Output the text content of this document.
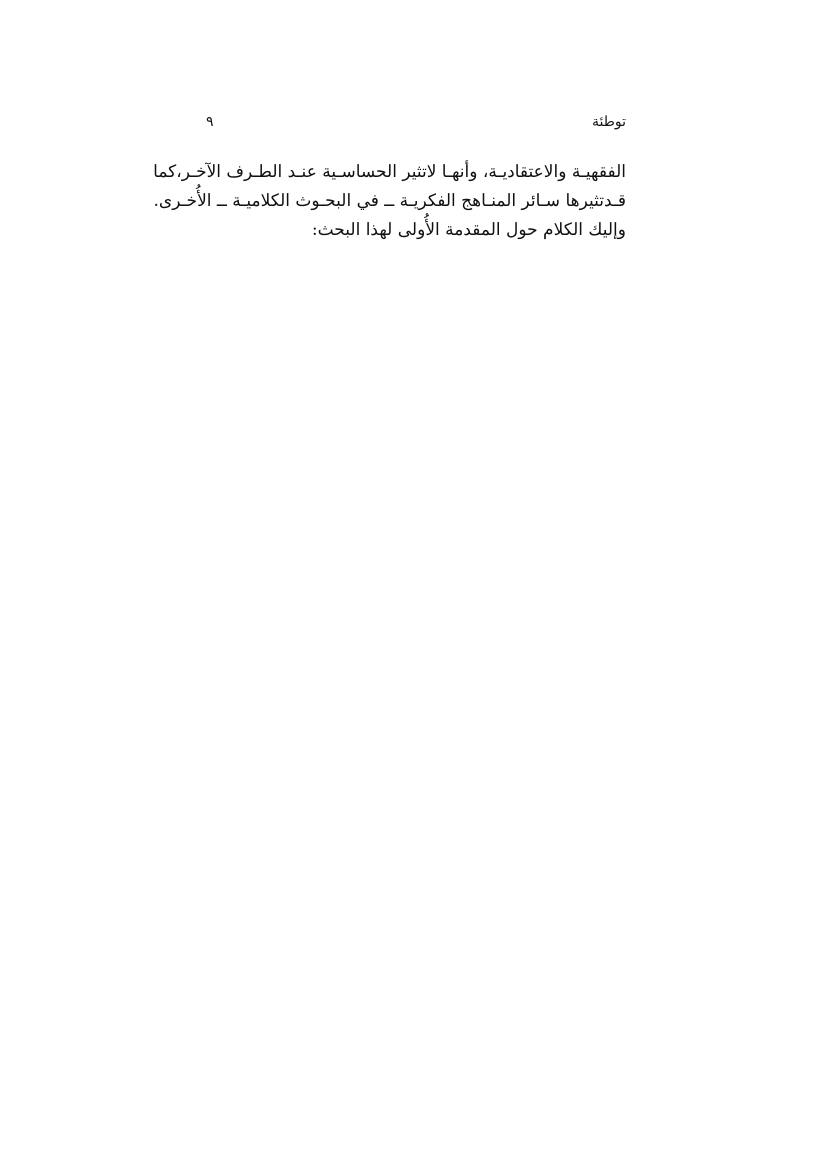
توطئة
٩
الفقهيـة والاعتقاديـة، وأنهـا لاتثير الحساسـية عنـد الطـرف الآخـر،كما
قـدتثيرها سـائر المنـاهج الفكريـة ــ في البحـوث الكلاميـة ــ الأُخـرى.
وإليك الكلام حول المقدمة الأُولى لهذا البحث:
